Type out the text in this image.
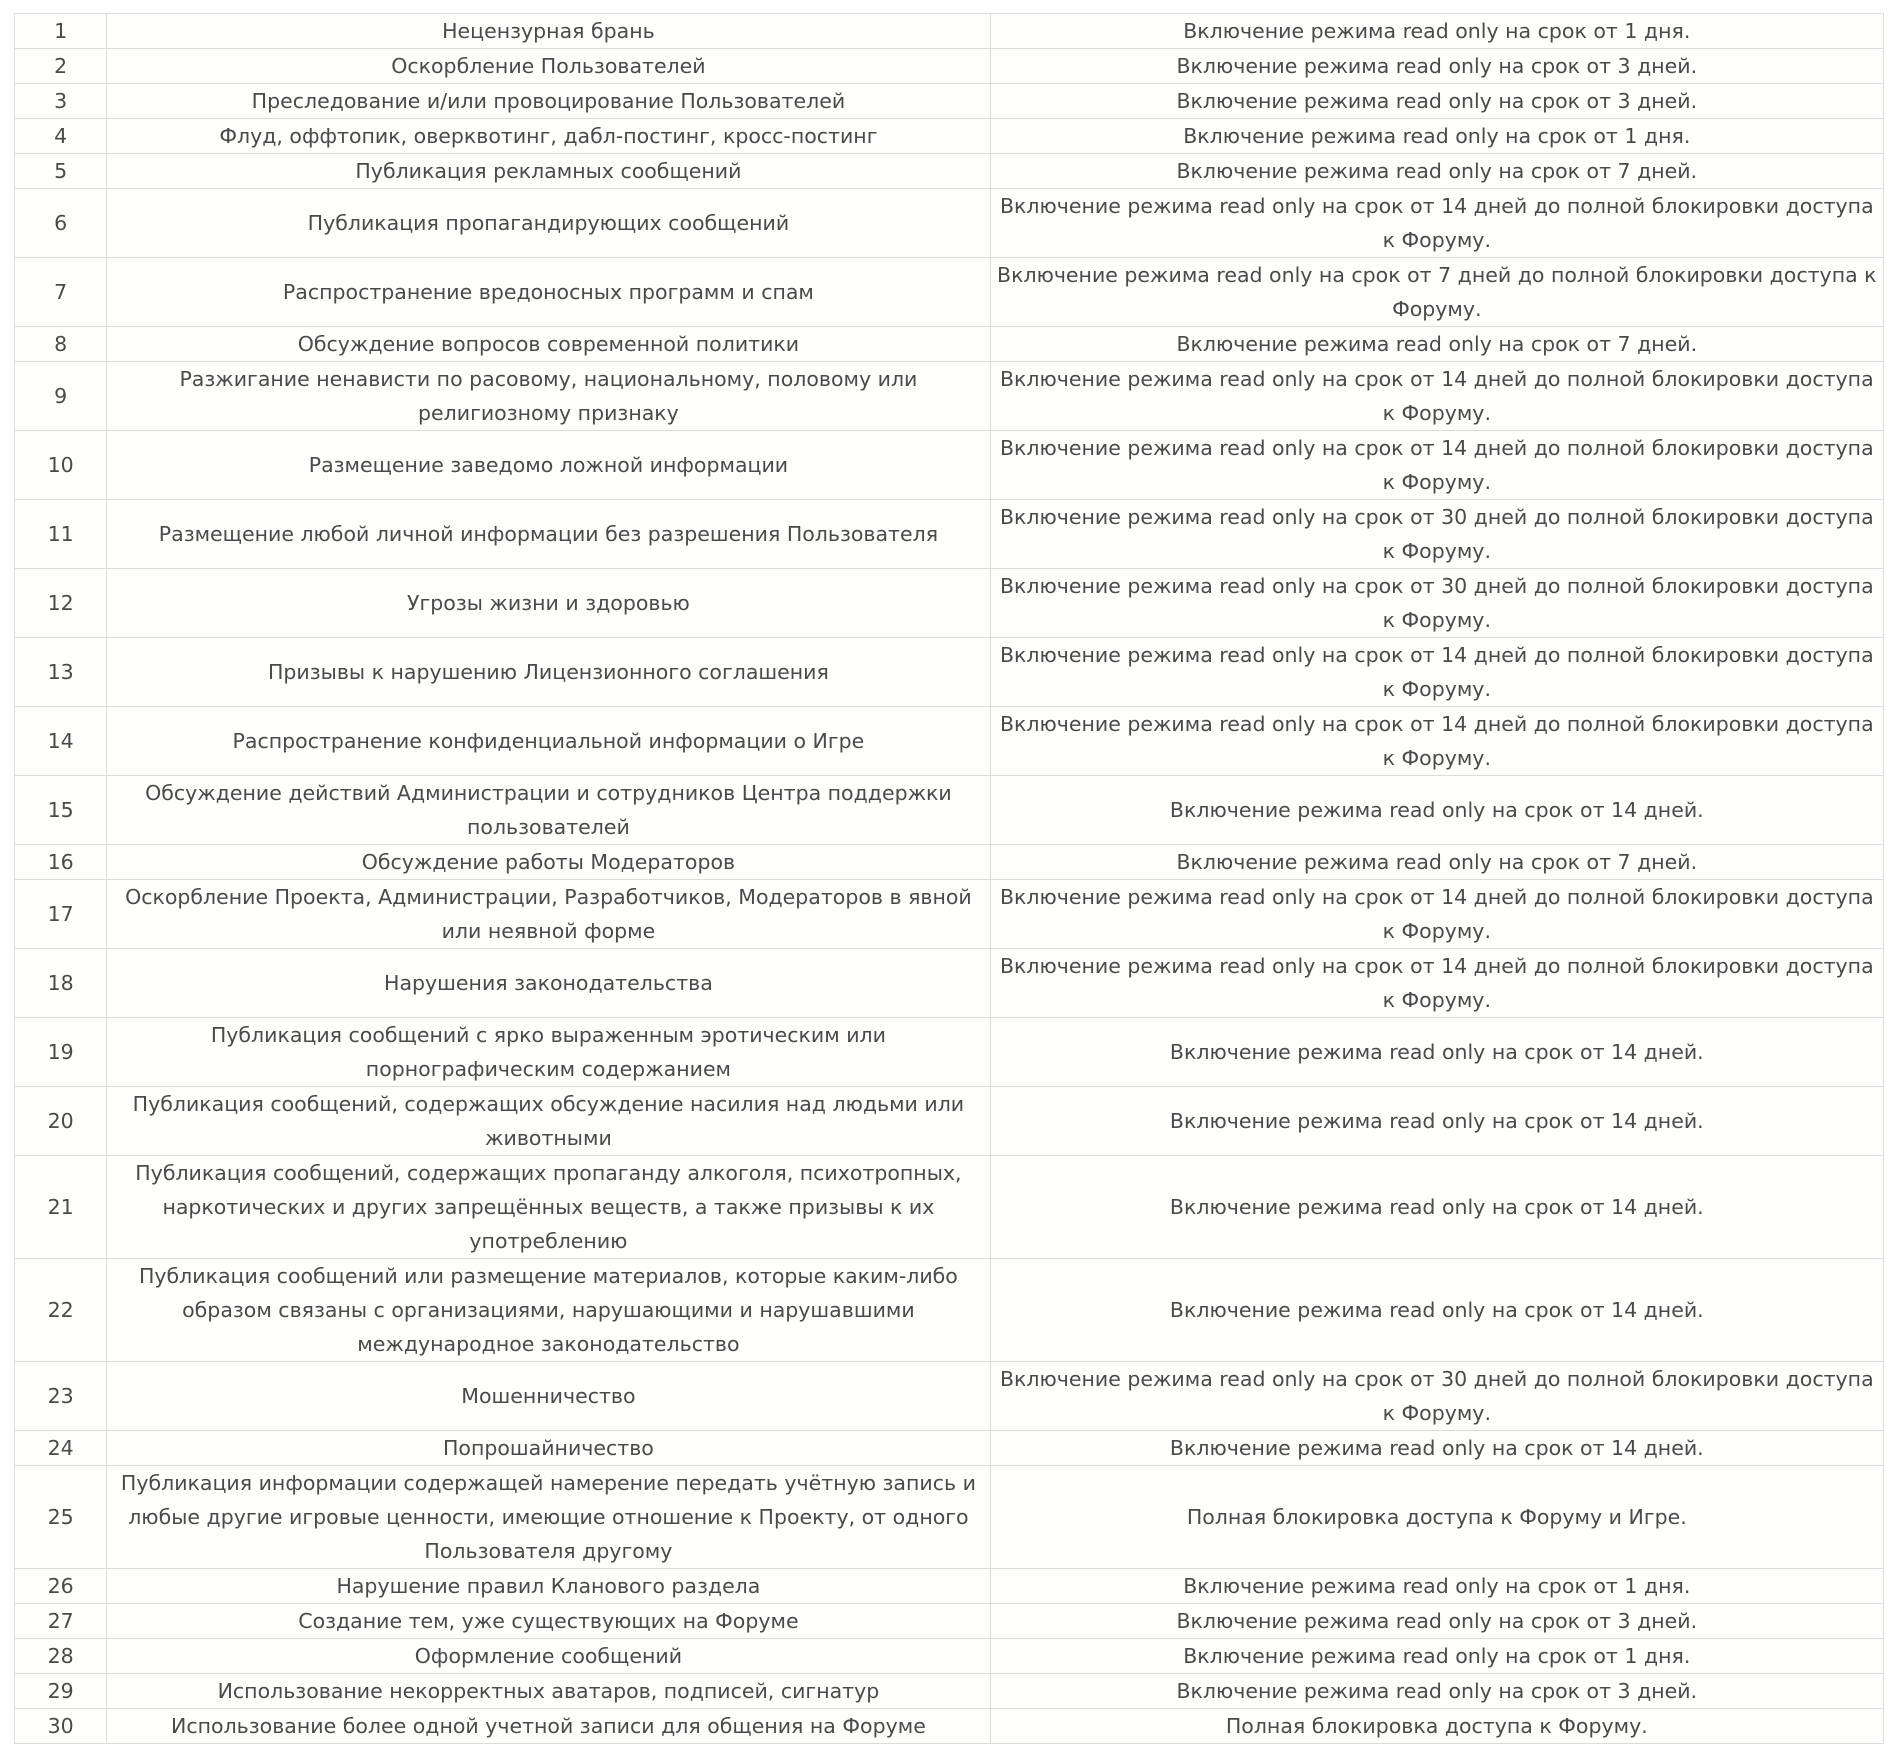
1	Нецензурная брань	Включение режима read only на срок от 1 дня.
2	Оскорбление Пользователей	Включение режима read only на срок от 3 дней.
3	Преследование и/или провоцирование Пользователей	Включение режима read only на срок от 3 дней.
4	Флуд, оффтопик, оверквотинг, дабл-постинг, кросс-постинг	Включение режима read only на срок от 1 дня.
5	Публикация рекламных сообщений	Включение режима read only на срок от 7 дней.
6	Публикация пропагандирующих сообщений	Включение режима read only на срок от 14 дней до полной блокировки доступа к Форуму.
7	Распространение вредоносных программ и спам	Включение режима read only на срок от 7 дней до полной блокировки доступа к Форуму.
8	Обсуждение вопросов современной политики	Включение режима read only на срок от 7 дней.
9	Разжигание ненависти по расовому, национальному, половому или религиозному признаку	Включение режима read only на срок от 14 дней до полной блокировки доступа к Форуму.
10	Размещение заведомо ложной информации	Включение режима read only на срок от 14 дней до полной блокировки доступа к Форуму.
11	Размещение любой личной информации без разрешения Пользователя	Включение режима read only на срок от 30 дней до полной блокировки доступа к Форуму.
12	Угрозы жизни и здоровью	Включение режима read only на срок от 30 дней до полной блокировки доступа к Форуму.
13	Призывы к нарушению Лицензионного соглашения	Включение режима read only на срок от 14 дней до полной блокировки доступа к Форуму.
14	Распространение конфиденциальной информации о Игре	Включение режима read only на срок от 14 дней до полной блокировки доступа к Форуму.
15	Обсуждение действий Администрации и сотрудников Центра поддержки пользователей	Включение режима read only на срок от 14 дней.
16	Обсуждение работы Модераторов	Включение режима read only на срок от 7 дней.
17	Оскорбление Проекта, Администрации, Разработчиков, Модераторов в явной или неявной форме	Включение режима read only на срок от 14 дней до полной блокировки доступа к Форуму.
18	Нарушения законодательства	Включение режима read only на срок от 14 дней до полной блокировки доступа к Форуму.
19	Публикация сообщений с ярко выраженным эротическим или порнографическим содержанием	Включение режима read only на срок от 14 дней.
20	Публикация сообщений, содержащих обсуждение насилия над людьми или животными	Включение режима read only на срок от 14 дней.
21	Публикация сообщений, содержащих пропаганду алкоголя, психотропных, наркотических и других запрещённых веществ, а также призывы к их употреблению	Включение режима read only на срок от 14 дней.
22	Публикация сообщений или размещение материалов, которые каким-либо образом связаны с организациями, нарушающими и нарушавшими международное законодательство	Включение режима read only на срок от 14 дней.
23	Мошенничество	Включение режима read only на срок от 30 дней до полной блокировки доступа к Форуму.
24	Попрошайничество	Включение режима read only на срок от 14 дней.
25	Публикация информации содержащей намерение передать учётную запись и любые другие игровые ценности, имеющие отношение к Проекту, от одного Пользователя другому	Полная блокировка доступа к Форуму и Игре.
26	Нарушение правил Кланового раздела	Включение режима read only на срок от 1 дня.
27	Создание тем, уже существующих на Форуме	Включение режима read only на срок от 3 дней.
28	Оформление сообщений	Включение режима read only на срок от 1 дня.
29	Использование некорректных аватаров, подписей, сигнатур	Включение режима read only на срок от 3 дней.
30	Использование более одной учетной записи для общения на Форуме	Полная блокировка доступа к Форуму.
